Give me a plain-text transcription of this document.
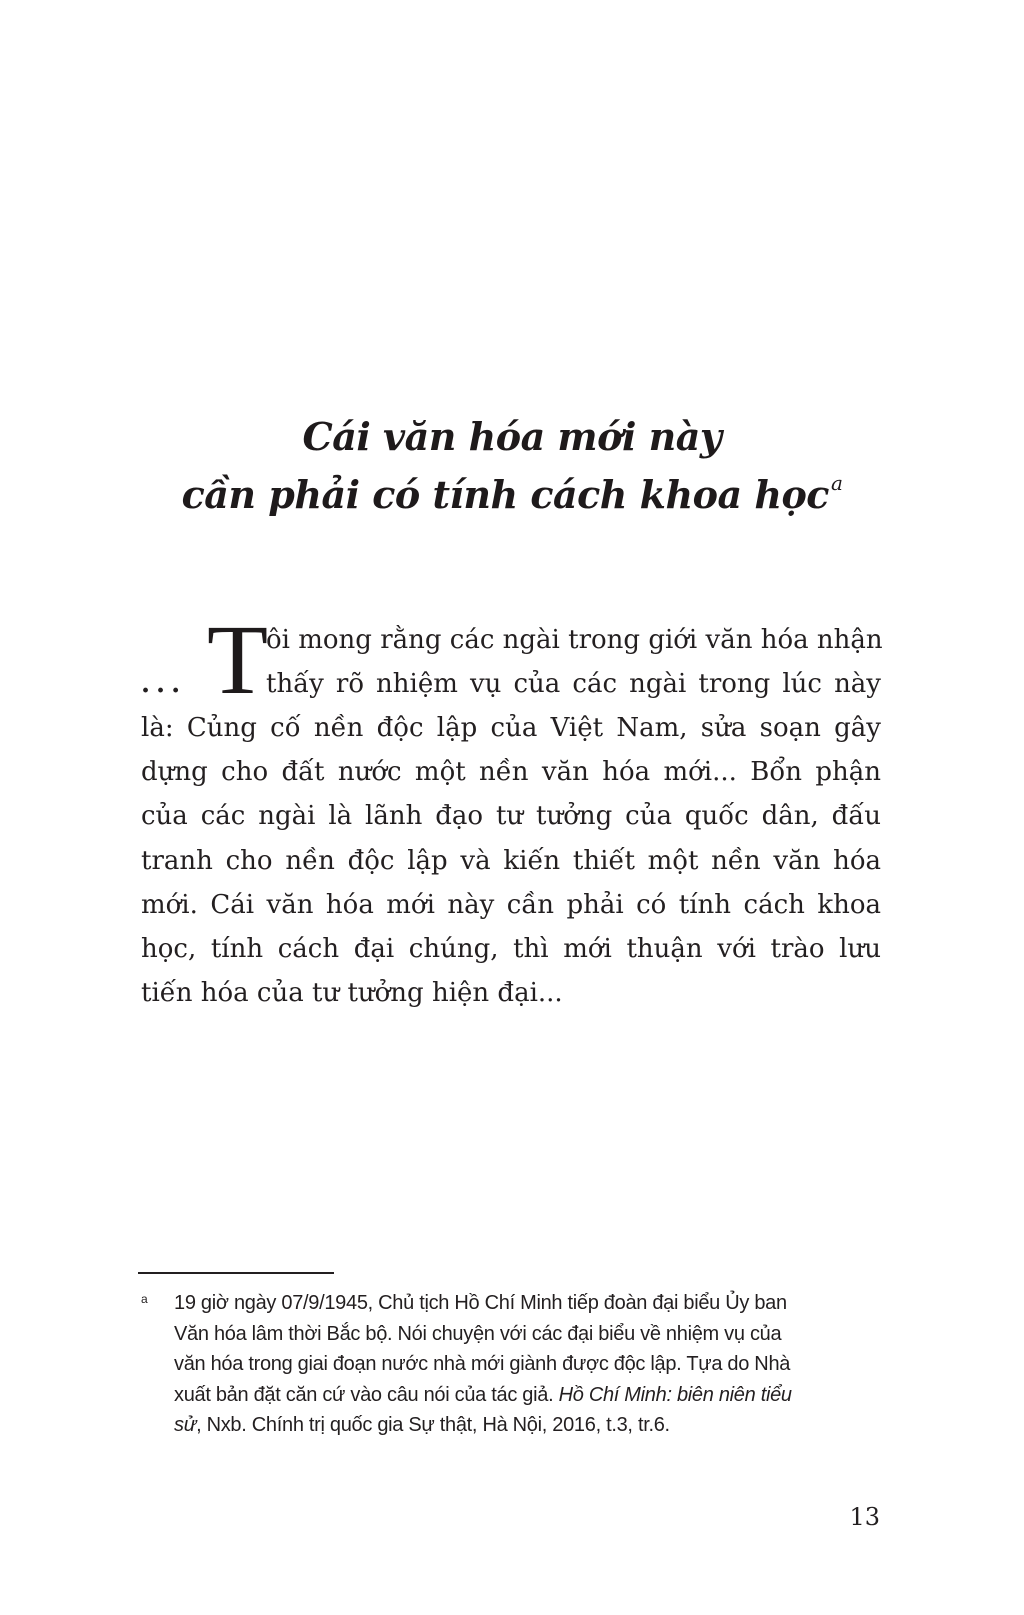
Cái văn hóa mới này
cần phải có tính cách khoa học $^a$
... T
ôi mong rằng các ngài trong giới văn hóa nhận
thấy rõ nhiệm vụ của các ngài trong lúc này
là: Củng cố nền độc lập của Việt Nam, sửa soạn gây
dựng cho đất nước một nền văn hóa mới... Bổn phận
của các ngài là lãnh đạo tư tưởng của quốc dân, đấu
tranh cho nền độc lập và kiến thiết một nền văn hóa
mới. Cái văn hóa mới này cần phải có tính cách khoa
học, tính cách đại chúng, thì mới thuận với trào lưu
tiến hóa của tư tưởng hiện đại...
a 19 giờ ngày 07/9/1945, Chủ tịch Hồ Chí Minh tiếp đoàn đại biểu Ủy ban
Văn hóa lâm thời Bắc bộ. Nói chuyện với các đại biểu về nhiệm vụ của
văn hóa trong giai đoạn nước nhà mới giành được độc lập. Tựa do Nhà
xuất bản đặt căn cứ vào câu nói của tác giả. Hồ Chí Minh: biên niên tiểu
sử, Nxb. Chính trị quốc gia Sự thật, Hà Nội, 2016, t.3, tr.6.
13
